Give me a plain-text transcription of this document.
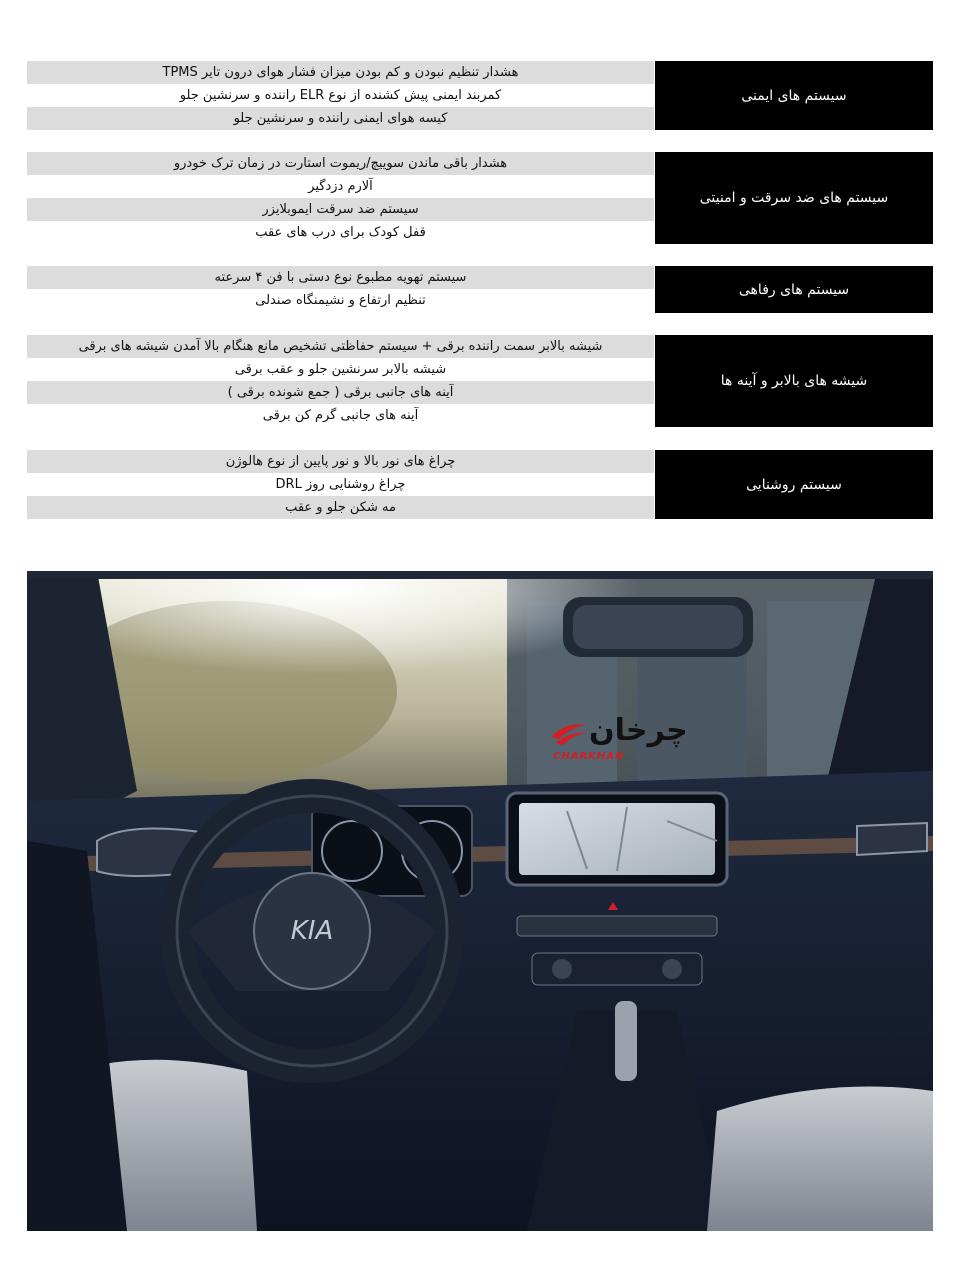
هشدار تنظیم نبودن و کم بودن میزان فشار هوای درون تایر TPMS
کمربند ایمنی پیش کشنده از نوع ELR راننده و سرنشین جلو
کیسه هوای ایمنی راننده و سرنشین جلو
سیستم های ایمنی
هشدار باقی ماندن سوییچ/ریموت استارت در زمان ترک خودرو
آلارم دزدگیر
سیستم ضد سرقت ایموبلایزر
قفل کودک برای درب های عقب
سیستم های ضد سرقت و امنیتی
سیستم تهویه مطبوع نوع دستی با فن ۴ سرعته
تنظیم ارتفاع و نشیمنگاه صندلی
سیستم های رفاهی
شیشه بالابر سمت راننده برقی + سیستم حفاظتی تشخیص مانع هنگام بالا آمدن شیشه های برقی
شیشه بالابر سرنشین جلو و عقب برقی
آینه های جانبی برقی ( جمع شونده برقی )
آینه های جانبی گرم کن برقی
شیشه های بالابر و آینه ها
چراغ های نور بالا و نور پایین از نوع هالوژن
چراغ روشنایی روز DRL
مه شکن جلو و عقب
سیستم روشنایی
KIA
چرخان
CHARKHAN
